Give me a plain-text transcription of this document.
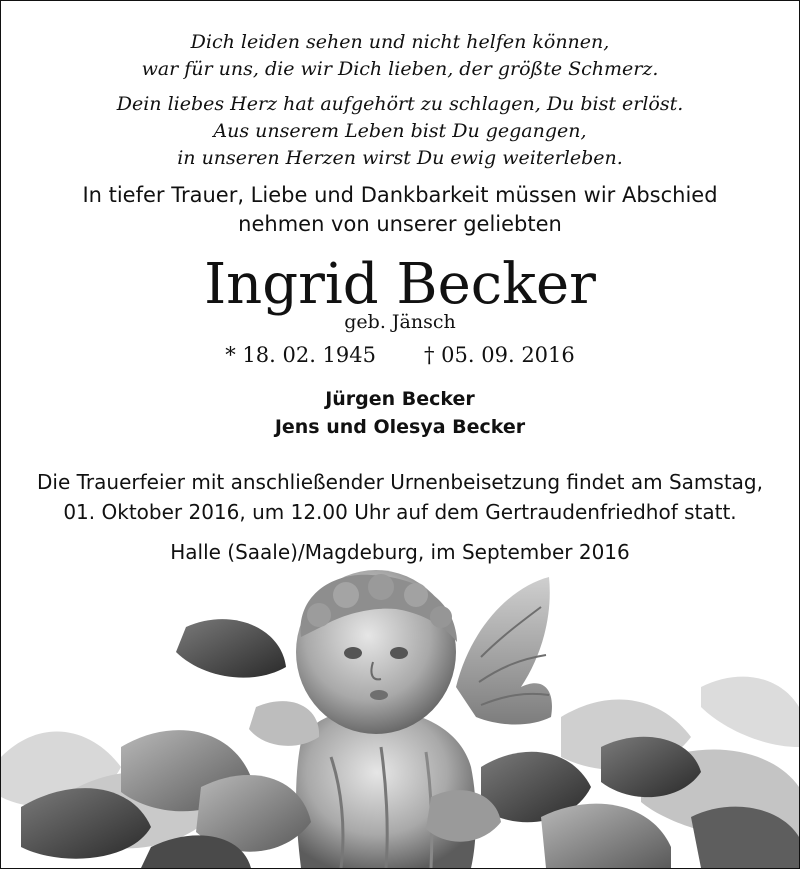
Dich leiden sehen und nicht helfen können,
war für uns, die wir Dich lieben, der größte Schmerz.
Dein liebes Herz hat aufgehört zu schlagen, Du bist erlöst.
Aus unserem Leben bist Du gegangen,
in unseren Herzen wirst Du ewig weiterleben.
In tiefer Trauer, Liebe und Dankbarkeit müssen wir Abschied
nehmen von unserer geliebten
Ingrid Becker
geb. Jänsch
* 18. 02. 1945 † 05. 09. 2016
Jürgen Becker
Jens und Olesya Becker
Die Trauerfeier mit anschließender Urnenbeisetzung findet am Samstag,
01. Oktober 2016, um 12.00 Uhr auf dem Gertraudenfriedhof statt.
Halle (Saale)/Magdeburg, im September 2016
